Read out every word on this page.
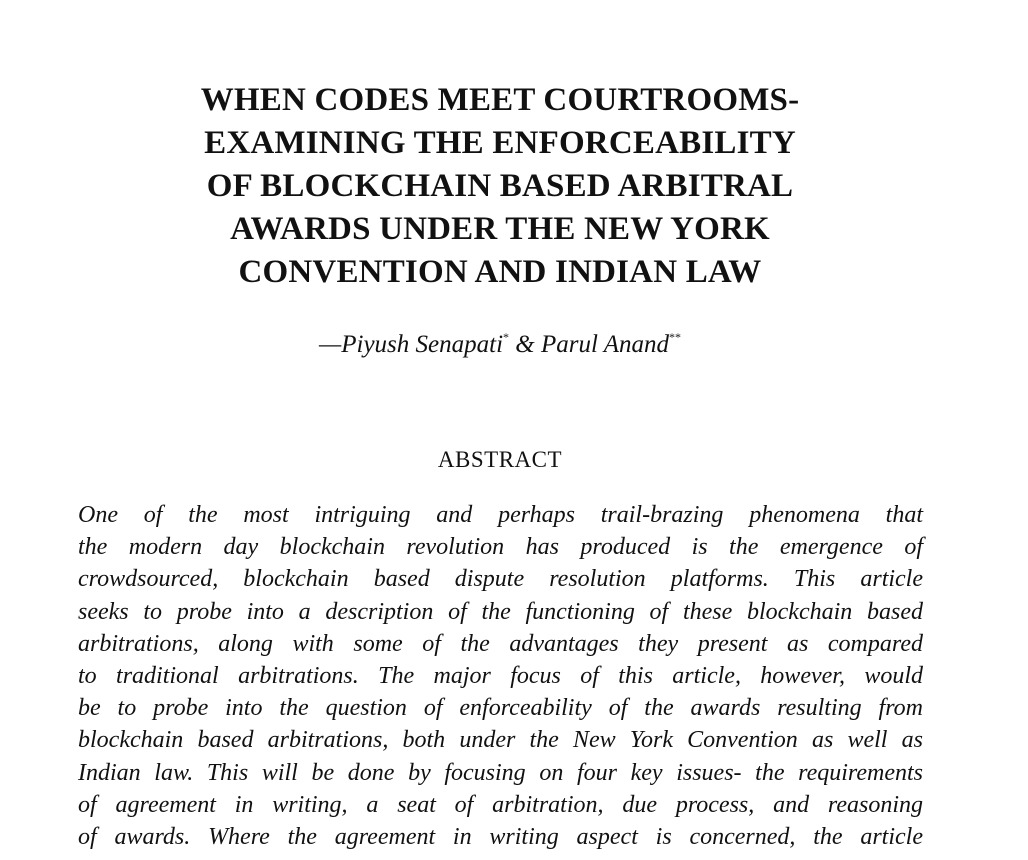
WHEN CODES MEET COURTROOMS-
EXAMINING THE ENFORCEABILITY
OF BLOCKCHAIN BASED ARBITRAL
AWARDS UNDER THE NEW YORK
CONVENTION AND INDIAN LAW
—Piyush Senapati* & Parul Anand**
ABSTRACT
One of the most intriguing and perhaps trail-brazing phenomena that
the modern day blockchain revolution has produced is the emergence of
crowdsourced, blockchain based dispute resolution platforms. This article
seeks to probe into a description of the functioning of these blockchain based
arbitrations, along with some of the advantages they present as compared
to traditional arbitrations. The major focus of this article, however, would
be to probe into the question of enforceability of the awards resulting from
blockchain based arbitrations, both under the New York Convention as well as
Indian law. This will be done by focusing on four key issues- the requirements
of agreement in writing, a seat of arbitration, due process, and reasoning
of awards. Where the agreement in writing aspect is concerned, the article
